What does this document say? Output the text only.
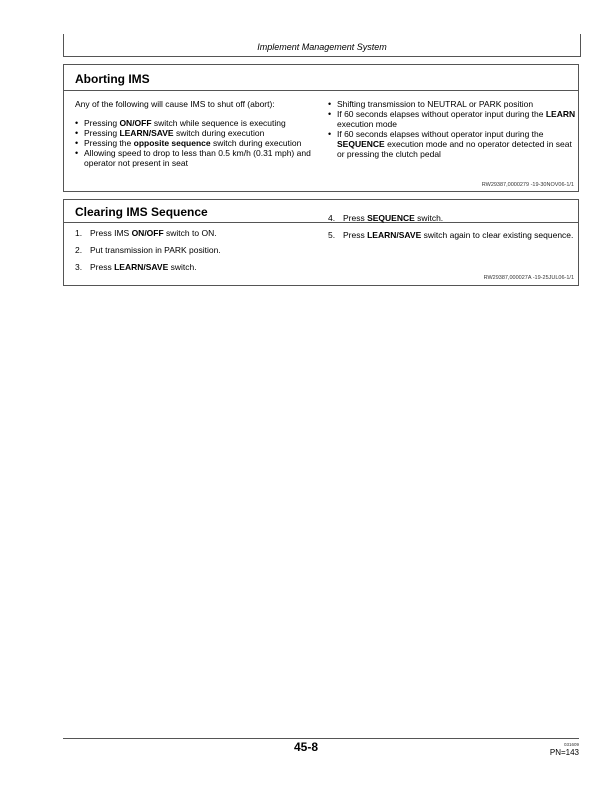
Implement Management System
Aborting IMS

Any of the following will cause IMS to shut off (abort):

• Pressing ON/OFF switch while sequence is executing
• Pressing LEARN/SAVE switch during execution
• Pressing the opposite sequence switch during execution
• Allowing speed to drop to less than 0.5 km/h (0.31 mph) and operator not present in seat
• Shifting transmission to NEUTRAL or PARK position
• If 60 seconds elapses without operator input during the LEARN execution mode
• If 60 seconds elapses without operator input during the SEQUENCE execution mode and no operator detected in seat or pressing the clutch pedal
RW29387,0000279 -19-30NOV06-1/1
Clearing IMS Sequence
1. Press IMS ON/OFF switch to ON.
2. Put transmission in PARK position.
3. Press LEARN/SAVE switch.
4. Press SEQUENCE switch.
5. Press LEARN/SAVE switch again to clear existing sequence.
RW29387,000027A -19-25JUL06-1/1
45-8	031609
PN=143
